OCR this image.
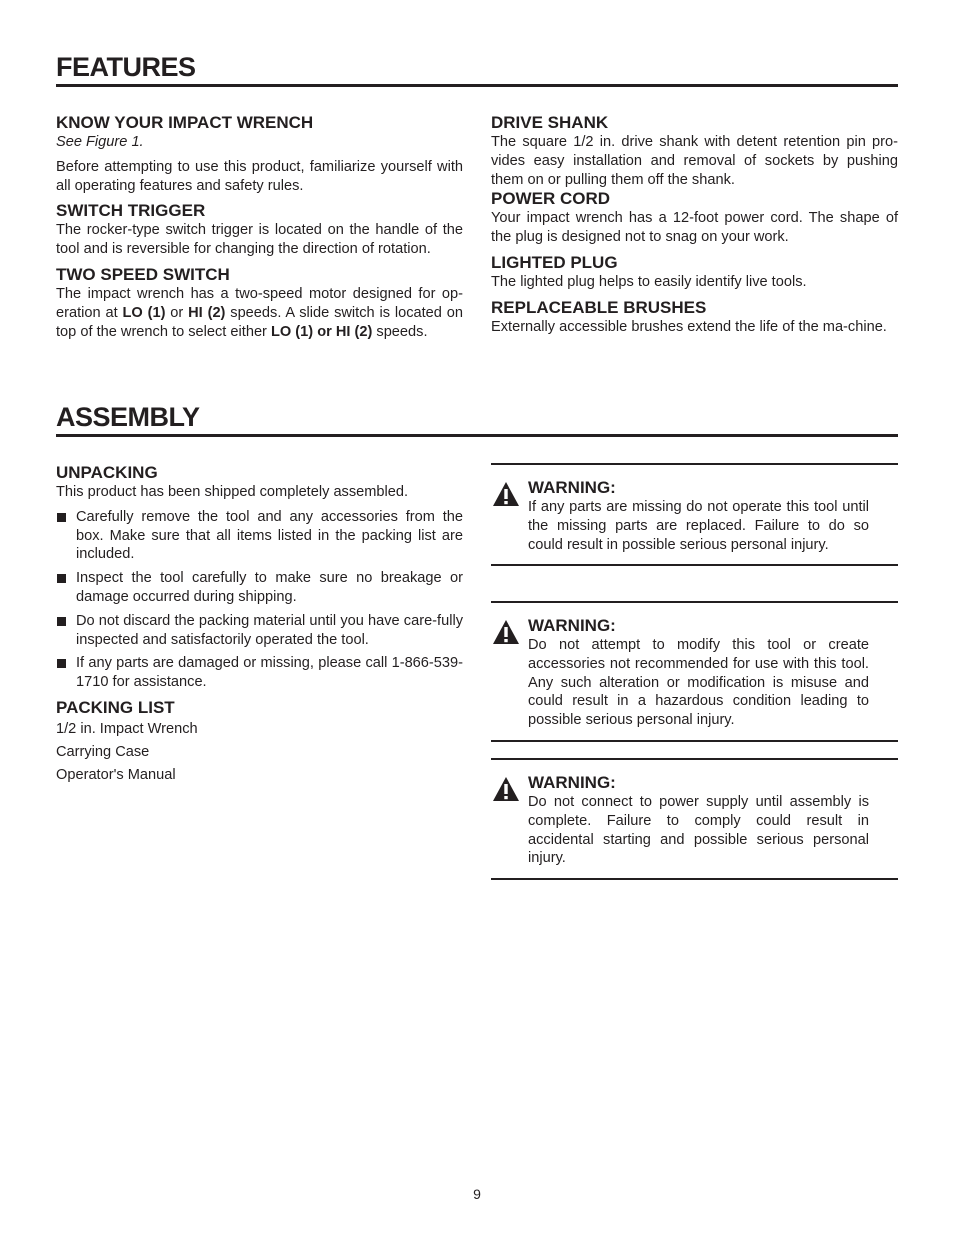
FEATURES
KNOW YOUR IMPACT WRENCH

See Figure 1.

Before attempting to use this product, familiarize yourself with all operating features and safety rules.

SWITCH TRIGGER

The rocker-type switch trigger is located on the handle of the tool and is reversible for changing the direction of rotation.

TWO SPEED SWITCH

The impact wrench has a two-speed motor designed for op-eration at LO (1) or HI (2) speeds. A slide switch is located on top of the wrench to select either LO (1) or HI (2) speeds.

DRIVE SHANK

The square 1/2 in. drive shank with detent retention pin pro-vides easy installation and removal of sockets by pushing them on or pulling them off the shank.

POWER CORD

Your impact wrench has a 12-foot power cord. The shape of the plug is designed not to snag on your work.

LIGHTED PLUG

The lighted plug helps to easily identify live tools.

REPLACEABLE BRUSHES

Externally accessible brushes extend the life of the ma-chine.

ASSEMBLY
UNPACKING

This product has been shipped completely assembled.

Carefully remove the tool and any accessories from the box. Make sure that all items listed in the packing list are included.
Inspect the tool carefully to make sure no breakage or damage occurred during shipping.
Do not discard the packing material until you have care-fully inspected and satisfactorily operated the tool.
If any parts are damaged or missing, please call 1-866-539-1710 for assistance.
PACKING LIST
1/2 in. Impact Wrench
Carrying Case
Operator's Manual
WARNING:

If any parts are missing do not operate this tool until the missing parts are replaced. Failure to do so could result in possible serious personal injury.

WARNING:

Do not attempt to modify this tool or create accessories not recommended for use with this tool. Any such alteration or modification is misuse and could result in a hazardous condition leading to possible serious personal injury.

WARNING:

Do not connect to power supply until assembly is complete. Failure to comply could result in accidental starting and possible serious personal injury.

9
